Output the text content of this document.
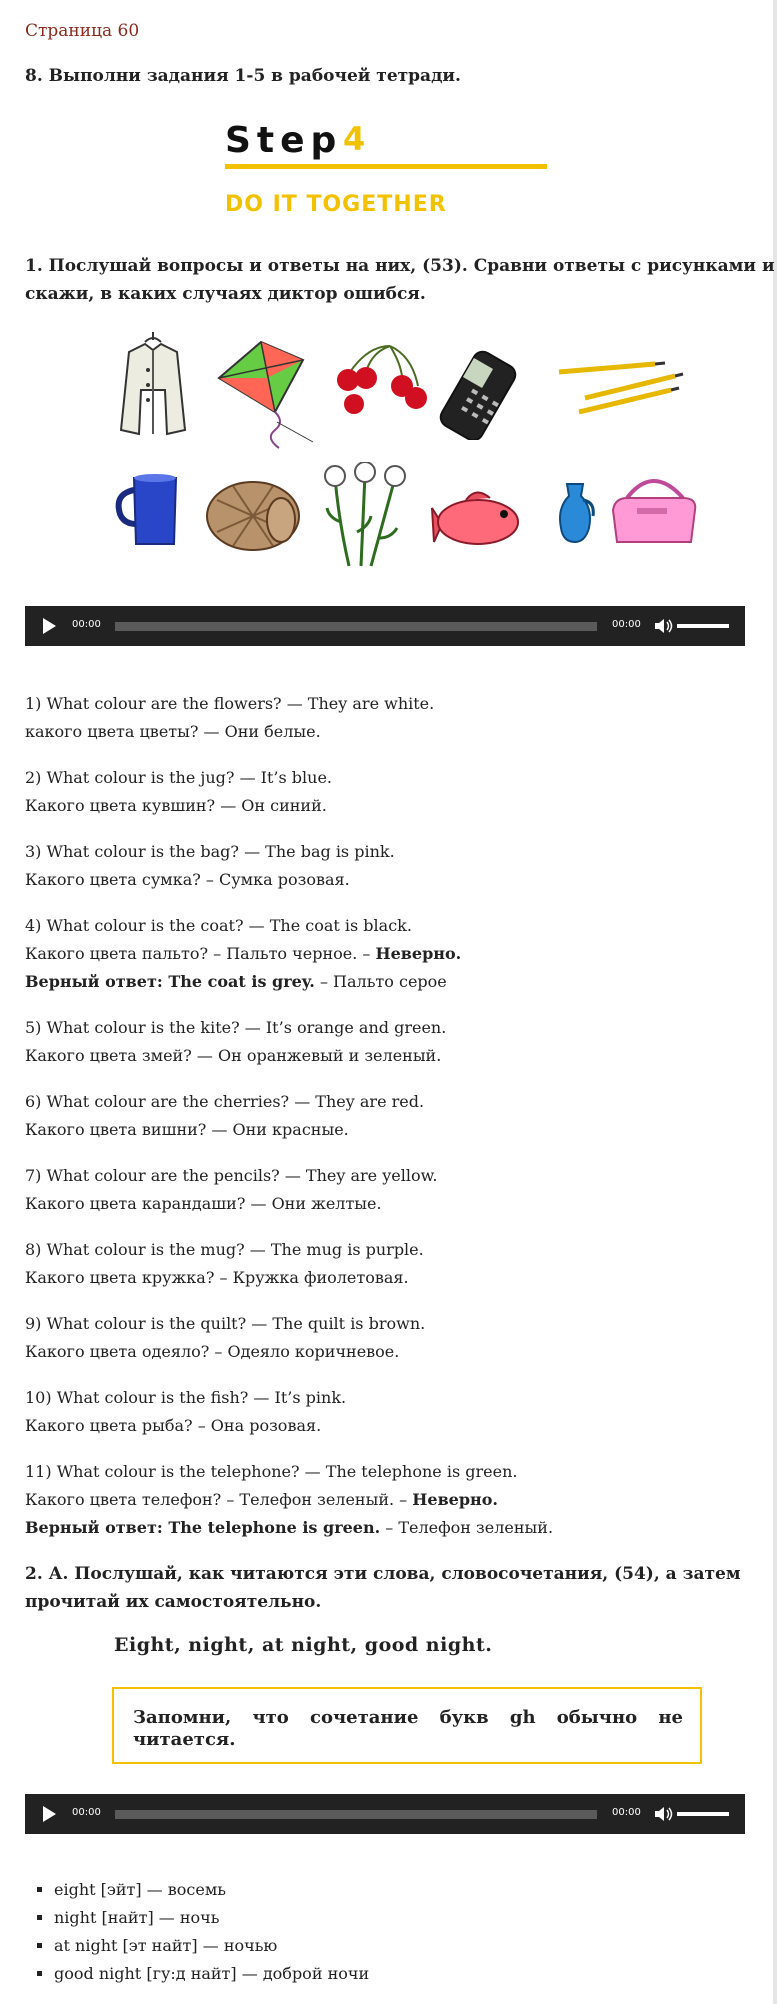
Страница 60
8. Выполни задания 1-5 в рабочей тетради.
Step 4
DO IT TOGETHER
1. Послушай вопросы и ответы на них, (53). Сравни ответы с рисунками и
скажи, в каких случаях диктор ошибся.
00:00	00:00
1) What colour are the flowers? — They are white.
какого цвета цветы? — Они белые.
2) What colour is the jug? — It’s blue.
Какого цвета кувшин? — Он синий.
3) What colour is the bag? — The bag is pink.
Какого цвета сумка? – Сумка розовая.
4) What colour is the coat? — The coat is black.
Какого цвета пальто? – Пальто черное. – Неверно.
Верный ответ: The coat is grey. – Пальто серое
5) What colour is the kite? — It’s orange and green.
Какого цвета змей? — Он оранжевый и зеленый.
6) What colour are the cherries? — They are red.
Какого цвета вишни? — Они красные.
7) What colour are the pencils? — They are yellow.
Какого цвета карандаши? — Они желтые.
8) What colour is the mug? — The mug is purple.
Какого цвета кружка? – Кружка фиолетовая.
9) What colour is the quilt? — The quilt is brown.
Какого цвета одеяло? – Одеяло коричневое.
10) What colour is the fish? — It’s pink.
Какого цвета рыба? – Она розовая.
11) What colour is the telephone? — The telephone is green.
Какого цвета телефон? – Телефон зеленый. – Неверно.
Верный ответ: The telephone is green. – Телефон зеленый.
2. А. Послушай, как читаются эти слова, словосочетания, (54), а затем
прочитай их самостоятельно.
Eight, night, at night, good night.
Запомни, что сочетание букв gh обычно не читается.
00:00	00:00
▪ eight [эйт] — восемь
▪ night [найт] — ночь
▪ at night [эт найт] — ночью
▪ good night [гу:д найт] — доброй ночи
